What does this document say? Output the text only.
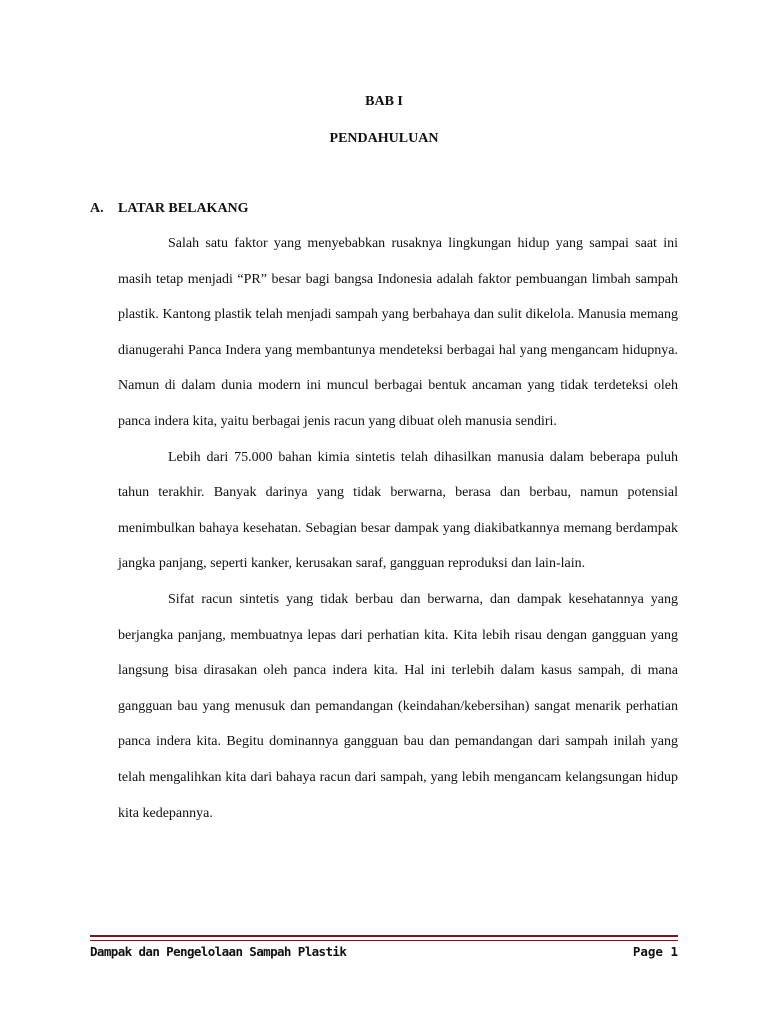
BAB I
PENDAHULUAN
A. LATAR BELAKANG

Salah satu faktor yang menyebabkan rusaknya lingkungan hidup yang sampai saat ini masih tetap menjadi “PR” besar bagi bangsa Indonesia adalah faktor pembuangan limbah sampah plastik. Kantong plastik telah menjadi sampah yang berbahaya dan sulit dikelola. Manusia memang dianugerahi Panca Indera yang membantunya mendeteksi berbagai hal yang mengancam hidupnya. Namun di dalam dunia modern ini muncul berbagai bentuk ancaman yang tidak terdeteksi oleh panca indera kita, yaitu berbagai jenis racun yang dibuat oleh manusia sendiri.

Lebih dari 75.000 bahan kimia sintetis telah dihasilkan manusia dalam beberapa puluh tahun terakhir. Banyak darinya yang tidak berwarna, berasa dan berbau, namun potensial menimbulkan bahaya kesehatan. Sebagian besar dampak yang diakibatkannya memang berdampak jangka panjang, seperti kanker, kerusakan saraf, gangguan reproduksi dan lain-lain.

Sifat racun sintetis yang tidak berbau dan berwarna, dan dampak kesehatannya yang berjangka panjang, membuatnya lepas dari perhatian kita. Kita lebih risau dengan gangguan yang langsung bisa dirasakan oleh panca indera kita. Hal ini terlebih dalam kasus sampah, di mana gangguan bau yang menusuk dan pemandangan (keindahan/kebersihan) sangat menarik perhatian panca indera kita. Begitu dominannya gangguan bau dan pemandangan dari sampah inilah yang telah mengalihkan kita dari bahaya racun dari sampah, yang lebih mengancam kelangsungan hidup kita kedepannya.

Dampak dan Pengelolaan Sampah Plastik	Page 1
